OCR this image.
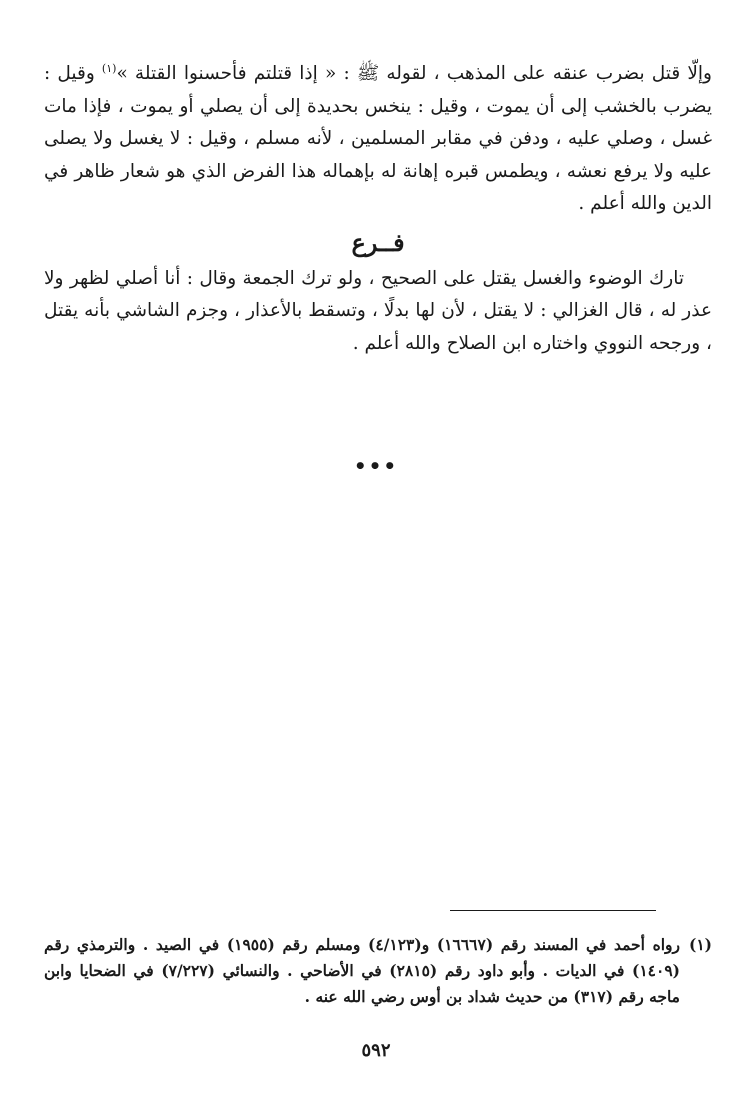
وإلّا قتل بضرب عنقه على المذهب ، لقوله ﷺ : « إذا قتلتم فأحسنوا القتلة »$^{(١)}$ وقيل : يضرب بالخشب إلى أن يموت ، وقيل : ينخس بحديدة إلى أن يصلي أو يموت ، فإذا مات غسل ، وصلي عليه ، ودفن في مقابر المسلمين ، لأنه مسلم ، وقيل : لا يغسل ولا يصلى عليه ولا يرفع نعشه ، ويطمس قبره إهانة له بإهماله هذا الفرض الذي هو شعار ظاهر في الدين والله أعلم .

فــرع

تارك الوضوء والغسل يقتل على الصحيح ، ولو ترك الجمعة وقال : أنا أصلي لظهر ولا عذر له ، قال الغزالي : لا يقتل ، لأن لها بدلًا ، وتسقط بالأعذار ، وجزم الشاشي بأنه يقتل ، ورجحه النووي واختاره ابن الصلاح والله أعلم .

•••
(١)
رواه أحمد في المسند رقم (١٦٦٦٧) و(٤/١٢٣) ومسلم رقم (١٩٥٥) في الصيد . والترمذي رقم (١٤٠٩) في الديات . وأبو داود رقم (٢٨١٥) في الأضاحي . والنسائي (٧/٢٢٧) في الضحايا وابن ماجه رقم (٣١٧) من حديث شداد بن أوس رضي الله عنه .
٥٩٢
